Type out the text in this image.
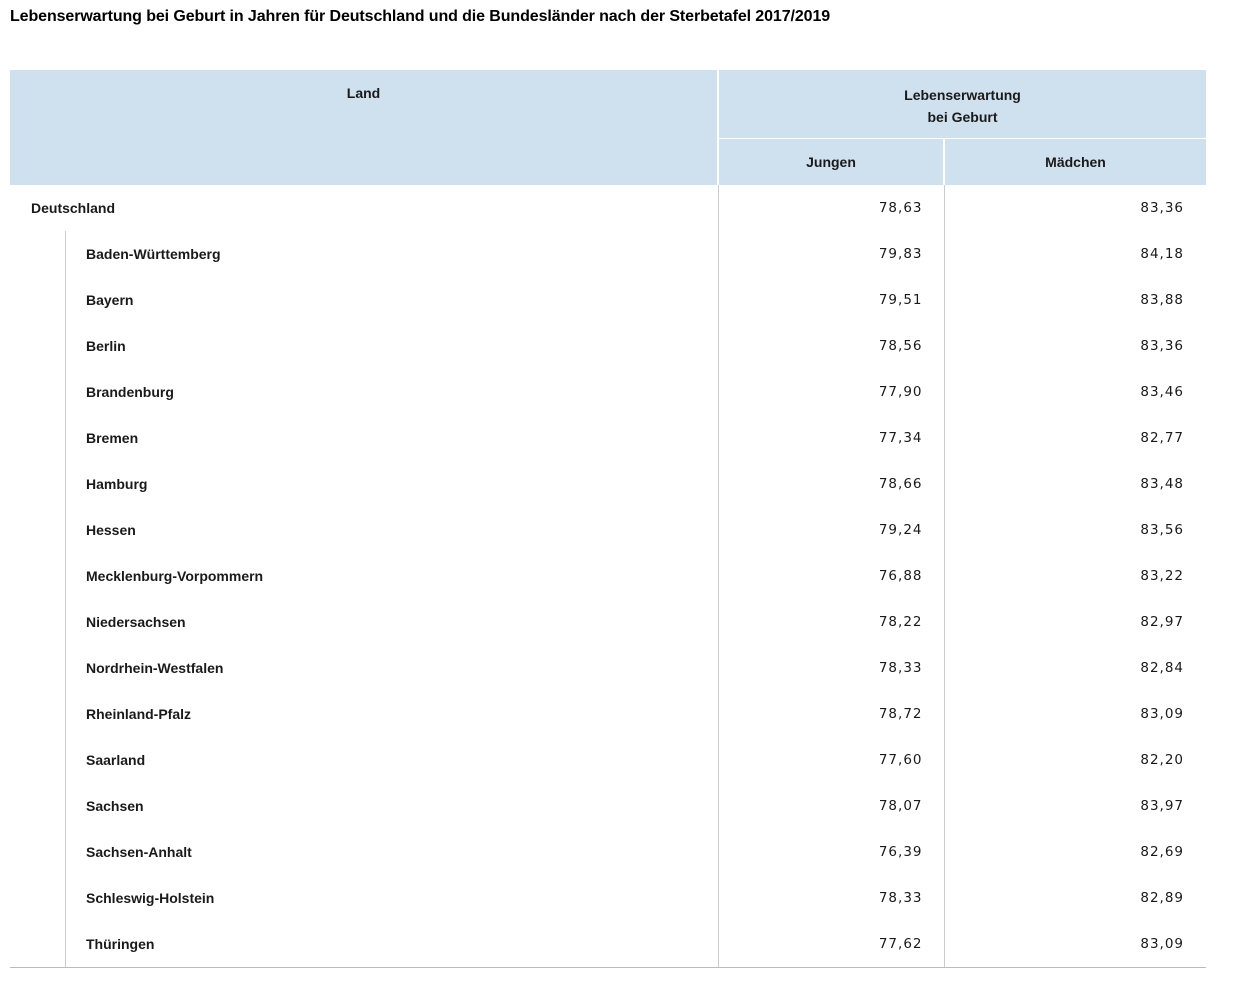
Lebenserwartung bei Geburt in Jahren für Deutschland und die Bundesländer nach der Sterbetafel 2017/2019
Land	Lebenserwartung
bei Geburt	
	Jungen	Mädchen
Deutschland	78,63	83,36

Baden-Württemberg	79,83	84,18

Bayern	79,51	83,88

Berlin	78,56	83,36

Brandenburg	77,90	83,46

Bremen	77,34	82,77

Hamburg	78,66	83,48

Hessen	79,24	83,56

Mecklenburg-Vorpommern	76,88	83,22

Niedersachsen	78,22	82,97

Nordrhein-Westfalen	78,33	82,84

Rheinland-Pfalz	78,72	83,09

Saarland	77,60	82,20

Sachsen	78,07	83,97

Sachsen-Anhalt	76,39	82,69

Schleswig-Holstein	78,33	82,89

Thüringen	77,62	83,09
